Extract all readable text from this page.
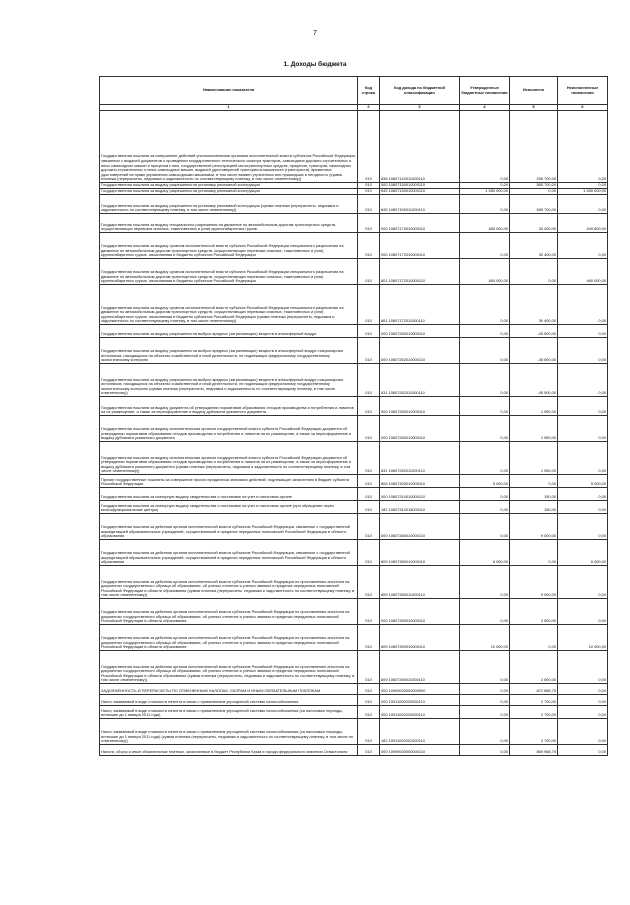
7
1. Доходы бюджета
Наименование показателя	Код строки	Код дохода по бюджетной классификации	Утвержденные бюджетные назначения	Исполнено	Неисполненные назначения
1	2	3	4	5	6
Государственная пошлина за совершение действий уполномоченными органами исполнительной власти субъектов Российской Федерации, связанных с выдачей документов о проведении государственного технического осмотра тракторов, самоходных дорожно-строительных и иных самоходных машин и прицепов к ним, государственной регистрацией мототранспортных средств, прицепов, тракторов, самоходных дорожно-строительных и иных самоходных машин, выдачей удостоверений тракториста-машиниста (тракториста), временных удостоверений на право управления самоходными машинами, в том числе взамен утраченных или пришедших в негодность (сумма платежа (перерасчеты, недоимка и задолженность по соответствующему платежу, в том числе отмененному))	010	836 10807142011000110	0,00	296 700,00	0,00
Государственная пошлина за выдачу разрешения на установку рекламной конструкции	010	000 10807150010000110	0,00	585 700,00	0,00
Государственная пошлина за выдачу разрешения на установку рекламной конструкции	010	845 10807150010000110	1 550 000,00	0,00	1 550 000,00
Государственная пошлина за выдачу разрешения на установку рекламной конструкции (сумма платежа (перерасчеты, недоимка и задолженность по соответствующему платежу, в том числе отмененному))	010	845 10807150011000110	0,00	585 700,00	0,00
Государственная пошлина за выдачу специального разрешения на движение по автомобильным дорогам транспортных средств, осуществляющих перевозки опасных, тяжеловесных и (или) крупногабаритных грузов	010	000 10807170010000110	480 000,00	30 400,00	449 600,00
Государственная пошлина за выдачу органом исполнительной власти субъекта Российской Федерации специального разрешения на движение по автомобильным дорогам транспортных средств, осуществляющих перевозки опасных, тяжеловесных и (или) крупногабаритных грузов, зачисляемая в бюджеты субъектов Российской Федерации	010	000 10807172010000110	0,00	30 400,00	0,00
Государственная пошлина за выдачу органом исполнительной власти субъекта Российской Федерации специального разрешения на движение по автомобильным дорогам транспортных средств, осуществляющих перевозки опасных, тяжеловесных и (или) крупногабаритных грузов, зачисляемая в бюджеты субъектов Российской Федерации	010	801 10807172010000110	480 000,00	0,00	480 000,00
Государственная пошлина за выдачу органом исполнительной власти субъекта Российской Федерации специального разрешения на движение по автомобильным дорогам транспортных средств, осуществляющих перевозки опасных, тяжеловесных и (или) крупногабаритных грузов, зачисляемая в бюджеты субъектов Российской Федерации (сумма платежа (перерасчеты, недоимка и задолженность по соответствующему платежу, в том числе отмененному))	010	861 10807172011000110	0,00	30 400,00	0,00
Государственная пошлина за выдачу разрешения на выброс вредных (загрязняющих) веществ в атмосферный воздух	010	000 10807260010000110	0,00	-45 500,00	0,00
Государственная пошлина за выдачу разрешения на выброс вредных (загрязняющих) веществ в атмосферный воздух стационарных источников, находящихся на объектах хозяйственной и иной деятельности, не подлежащих федеральному государственному экологическому контролю	010	000 10807262010000110	0,00	-45 500,00	0,00
Государственная пошлина за выдачу разрешения на выброс вредных (загрязняющих) веществ в атмосферный воздух стационарных источников, находящихся на объектах хозяйственной и иной деятельности, не подлежащих федеральному государственному экологическому контролю (сумма платежа (перерасчеты, недоимка и задолженность по соответствующему платежу, в том числе отмененному))	010	831 10807262011000110	0,00	-45 500,00	0,00
Государственная пошлина за выдачу документа об утверждении нормативов образования отходов производства и потребления и лимитов на их размещение, а также за переоформление и выдачу дубликата указанного документа	010	000 10807280010000110	0,00	1 950,00	0,00
Государственная пошлина за выдачу исполнительным органом государственной власти субъекта Российской Федерации документа об утверждении нормативов образования отходов производства и потребления и лимитов на их размещение, а также за переоформление и выдачу дубликата указанного документа	010	000 10807282010000110	0,00	1 950,00	0,00
Государственная пошлина за выдачу исполнительным органом государственной власти субъекта Российской Федерации документа об утверждении нормативов образования отходов производства и потребления и лимитов на их размещение, а также за переоформление и выдачу дубликата указанного документа (сумма платежа (перерасчеты, недоимка и задолженность по соответствующему платежу, в том числе отмененному))	010	831 10807282011000110	0,00	1 950,00	0,00
Прочие государственные пошлины за совершение прочих юридически значимых действий, подлежащие зачислению в бюджет субъекта Российской Федерации	010	808 10807300010000110	5 000,00	0,00	5 000,00
Государственная пошлина за повторную выдачу свидетельства о постановке на учет в налоговом органе	010	000 10807310010000110	0,00	150,00	0,00
Государственная пошлина за повторную выдачу свидетельства о постановке на учет в налоговом органе (при обращении через многофункциональные центры)	010	182 10807310018000110	0,00	150,00	0,00
Государственная пошлина за действия органов исполнительной власти субъектов Российской Федерации, связанные с государственной аккредитацией образовательных учреждений, осуществляемой в пределах переданных полномочий Российской Федерации в области образования	010	000 10807380010000110	0,00	9 000,00	0,00
Государственная пошлина за действия органов исполнительной власти субъектов Российской Федерации, связанные с государственной аккредитацией образовательных учреждений, осуществляемой в пределах переданных полномочий Российской Федерации в области образования	010	809 10807380010000110	6 000,00	0,00	6 000,00
Государственная пошлина за действия органов исполнительной власти субъектов Российской Федерации по проставлению апостиля на документах государственного образца об образовании, об ученых степенях и ученых званиях в пределах переданных полномочий Российской Федерации в области образования (сумма платежа (перерасчеты, недоимка и задолженность по соответствующему платежу, в том числе отмененному))	010	809 10807380011000110	0,00	9 000,00	0,00
Государственная пошлина за действия органов исполнительной власти субъектов Российской Федерации по проставлению апостиля на документах государственного образца об образовании, об ученых степенях и ученых званиях в пределах переданных полномочий Российской Федерации в области образования	010	000 10807390010000110	0,00	2 500,00	0,00
Государственная пошлина за действия органов исполнительной власти субъектов Российской Федерации по проставлению апостиля на документах государственного образца об образовании, об ученых степенях и ученых званиях в пределах переданных полномочий Российской Федерации в области образования	010	809 10807390010000110	10 000,00	0,00	10 000,00
Государственная пошлина за действия органов исполнительной власти субъектов Российской Федерации по проставлению апостиля на документах государственного образца об образовании, об ученых степенях и ученых званиях в пределах переданных полномочий Российской Федерации в области образования (сумма платежа (перерасчеты, недоимка и задолженность по соответствующему платежу, в том числе отмененному))	010	809 10807390011000110	0,00	2 500,00	0,00
ЗАДОЛЖЕННОСТЬ И ПЕРЕРАСЧЕТЫ ПО ОТМЕНЕННЫМ НАЛОГАМ, СБОРАМ И ИНЫМ ОБЯЗАТЕЛЬНЫМ ПЛАТЕЖАМ	010	000 10900000000000000	0,00	872 668,75	0,00
Налог, взимаемый в виде стоимости патента в связи с применением упрощенной системы налогообложения	010	000 10911000020000110	0,00	2 700,00	0,00
Налог, взимаемый в виде стоимости патента в связи с применением упрощенной системы налогообложения (за налоговые периоды, истекшие до 1 января 2011 года)	010	000 10911020020000110	0,00	2 700,00	0,00
Налог, взимаемый в виде стоимости патента в связи с применением упрощенной системы налогообложения (за налоговые периоды, истекшие до 1 января 2011 года) (сумма платежа (перерасчеты, недоимка и задолженность по соответствующему платежу, в том числе по отмененному))	010	182 10911020021000110	0,00	2 700,00	0,00
Налоги, сборы и иные обязательные платежи, зачисляемые в бюджет Республики Крым и города федерального значения Севастополя	010	000 10990000000000110	0,00	869 968,75	0,00
